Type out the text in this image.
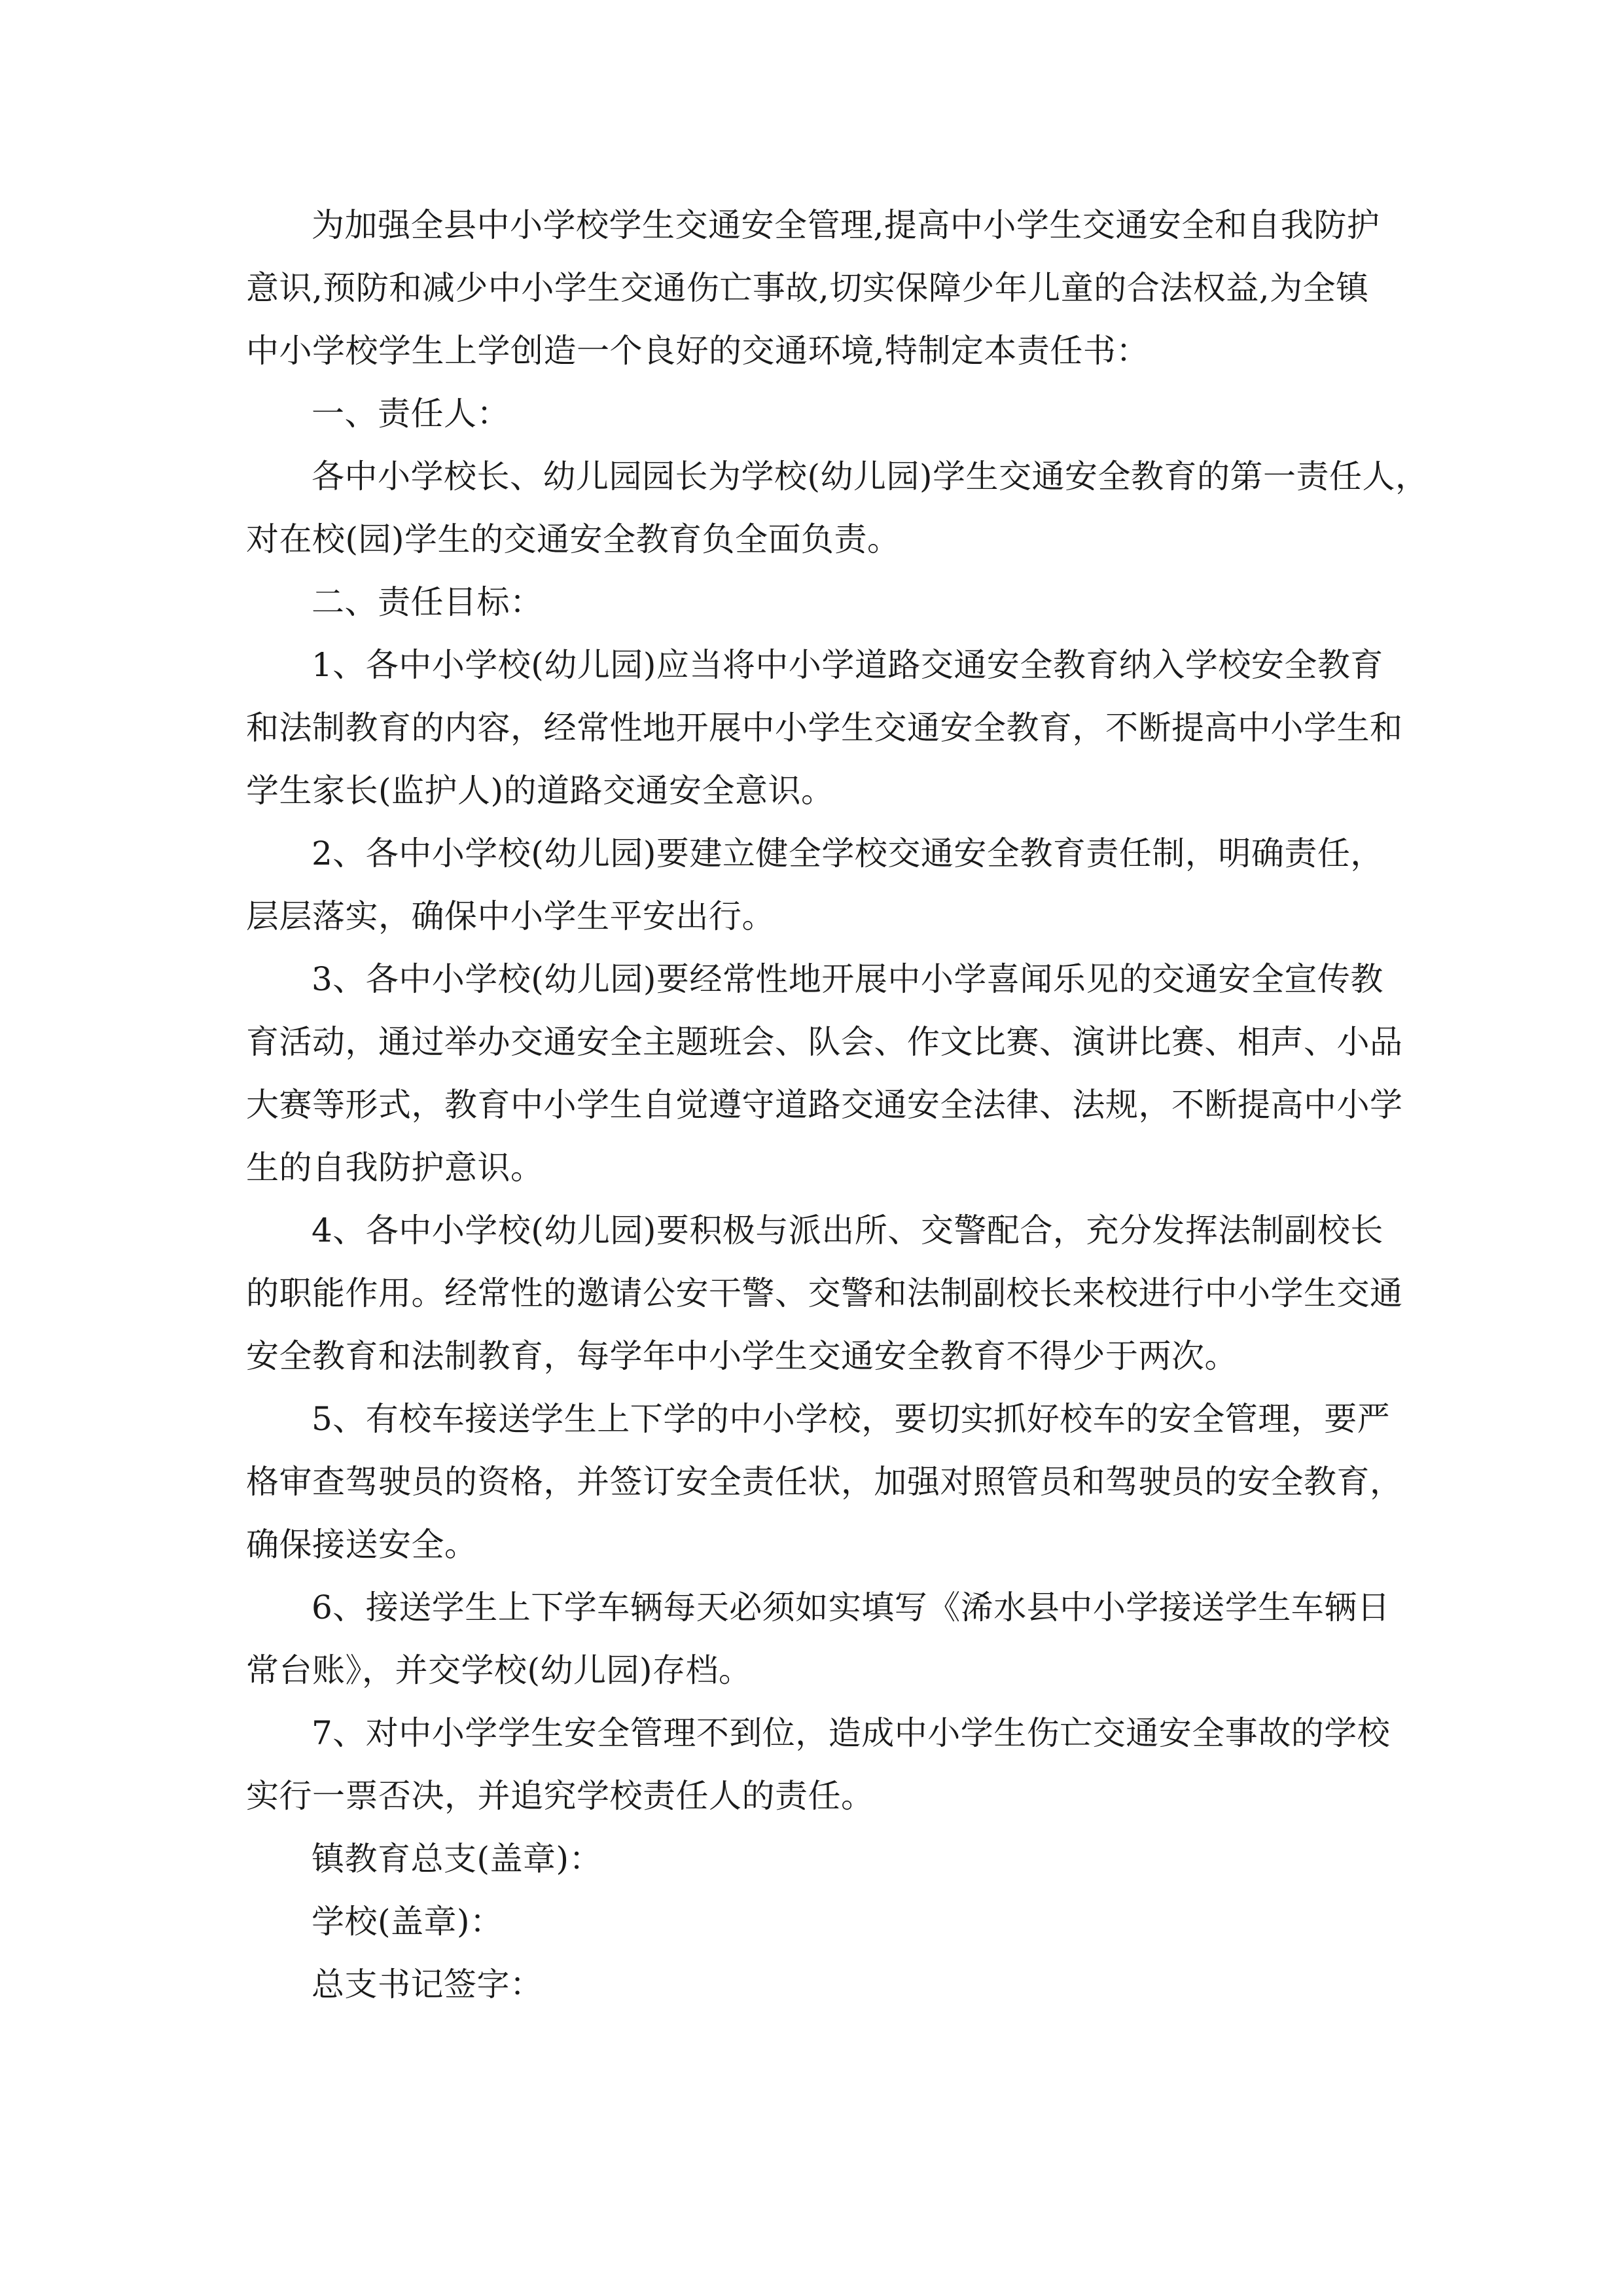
为加强全县中小学校学生交通安全管理,提高中小学生交通安全和自我防护
意识,预防和减少中小学生交通伤亡事故,切实保障少年儿童的合法权益,为全镇
中小学校学生上学创造一个良好的交通环境,特制定本责任书：
一、责任人：
各中小学校长、幼儿园园长为学校(幼儿园)学生交通安全教育的第一责任人，
对在校(园)学生的交通安全教育负全面负责。
二、责任目标：
1、各中小学校(幼儿园)应当将中小学道路交通安全教育纳入学校安全教育
和法制教育的内容，经常性地开展中小学生交通安全教育，不断提高中小学生和
学生家长(监护人)的道路交通安全意识。
2、各中小学校(幼儿园)要建立健全学校交通安全教育责任制，明确责任，
层层落实，确保中小学生平安出行。
3、各中小学校(幼儿园)要经常性地开展中小学喜闻乐见的交通安全宣传教
育活动，通过举办交通安全主题班会、队会、作文比赛、演讲比赛、相声、小品
大赛等形式，教育中小学生自觉遵守道路交通安全法律、法规，不断提高中小学
生的自我防护意识。
4、各中小学校(幼儿园)要积极与派出所、交警配合，充分发挥法制副校长
的职能作用。经常性的邀请公安干警、交警和法制副校长来校进行中小学生交通
安全教育和法制教育，每学年中小学生交通安全教育不得少于两次。
5、有校车接送学生上下学的中小学校，要切实抓好校车的安全管理，要严
格审查驾驶员的资格，并签订安全责任状，加强对照管员和驾驶员的安全教育，
确保接送安全。
6、接送学生上下学车辆每天必须如实填写《浠水县中小学接送学生车辆日
常台账》，并交学校(幼儿园)存档。
7、对中小学学生安全管理不到位，造成中小学生伤亡交通安全事故的学校
实行一票否决，并追究学校责任人的责任。
镇教育总支(盖章)：
学校(盖章)：
总支书记签字：
